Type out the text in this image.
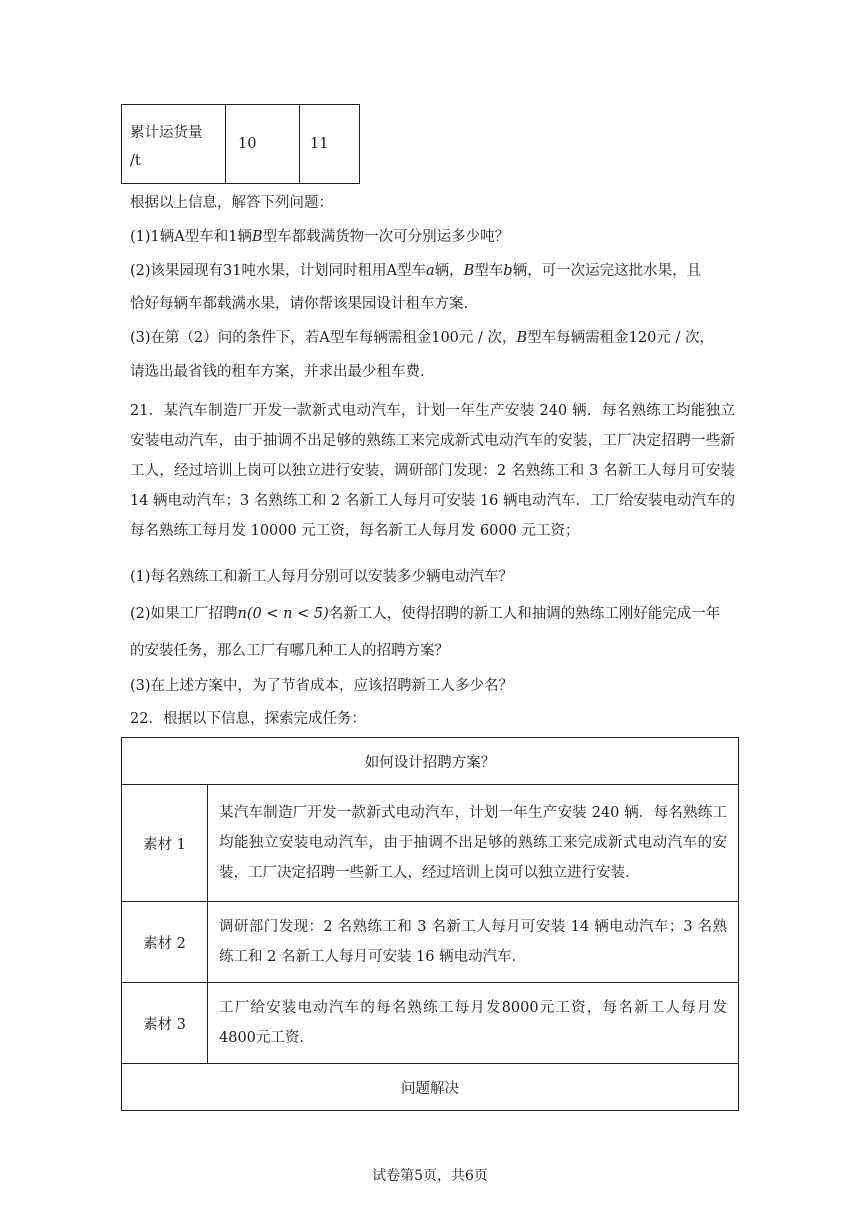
累计运货量
/t
	10	11
根据以上信息，解答下列问题：
(1)1辆A型车和1辆B型车都载满货物一次可分别运多少吨？
(2)该果园现有31吨水果，计划同时租用A型车a辆，B型车b辆，可一次运完这批水果，且
恰好每辆车都载满水果，请你帮该果园设计租车方案.
(3)在第（2）问的条件下，若A型车每辆需租金100元 / 次，B型车每辆需租金120元 / 次，
请选出最省钱的租车方案，并求出最少租车费.
21．某汽车制造厂开发一款新式电动汽车，计划一年生产安装 240 辆．每名熟练工均能独立安装电动汽车，由于抽调不出足够的熟练工来完成新式电动汽车的安装，工厂决定招聘一些新工人，经过培训上岗可以独立进行安装，调研部门发现：2 名熟练工和 3 名新工人每月可安装 14 辆电动汽车；3 名熟练工和 2 名新工人每月可安装 16 辆电动汽车．工厂给安装电动汽车的每名熟练工每月发 10000 元工资，每名新工人每月发 6000 元工资；
(1)每名熟练工和新工人每月分别可以安装多少辆电动汽车？
(2)如果工厂招聘n(0 < n < 5)名新工人，使得招聘的新工人和抽调的熟练工刚好能完成一年
的安装任务，那么工厂有哪几种工人的招聘方案？
(3)在上述方案中，为了节省成本，应该招聘新工人多少名？
22．根据以下信息，探索完成任务：
如何设计招聘方案？	
素材 1	某汽车制造厂开发一款新式电动汽车，计划一年生产安装 240 辆．每名熟练工均能独立安装电动汽车，由于抽调不出足够的熟练工来完成新式电动汽车的安装，工厂决定招聘一些新工人，经过培训上岗可以独立进行安装．

素材 2	调研部门发现：2 名熟练工和 3 名新工人每月可安装 14 辆电动汽车；3 名熟练工和 2 名新工人每月可安装 16 辆电动汽车．

素材 3	工厂给安装电动汽车的每名熟练工每月发8000元工资，每名新工人每月发4800元工资．

问题解决	
试卷第5页，共6页
